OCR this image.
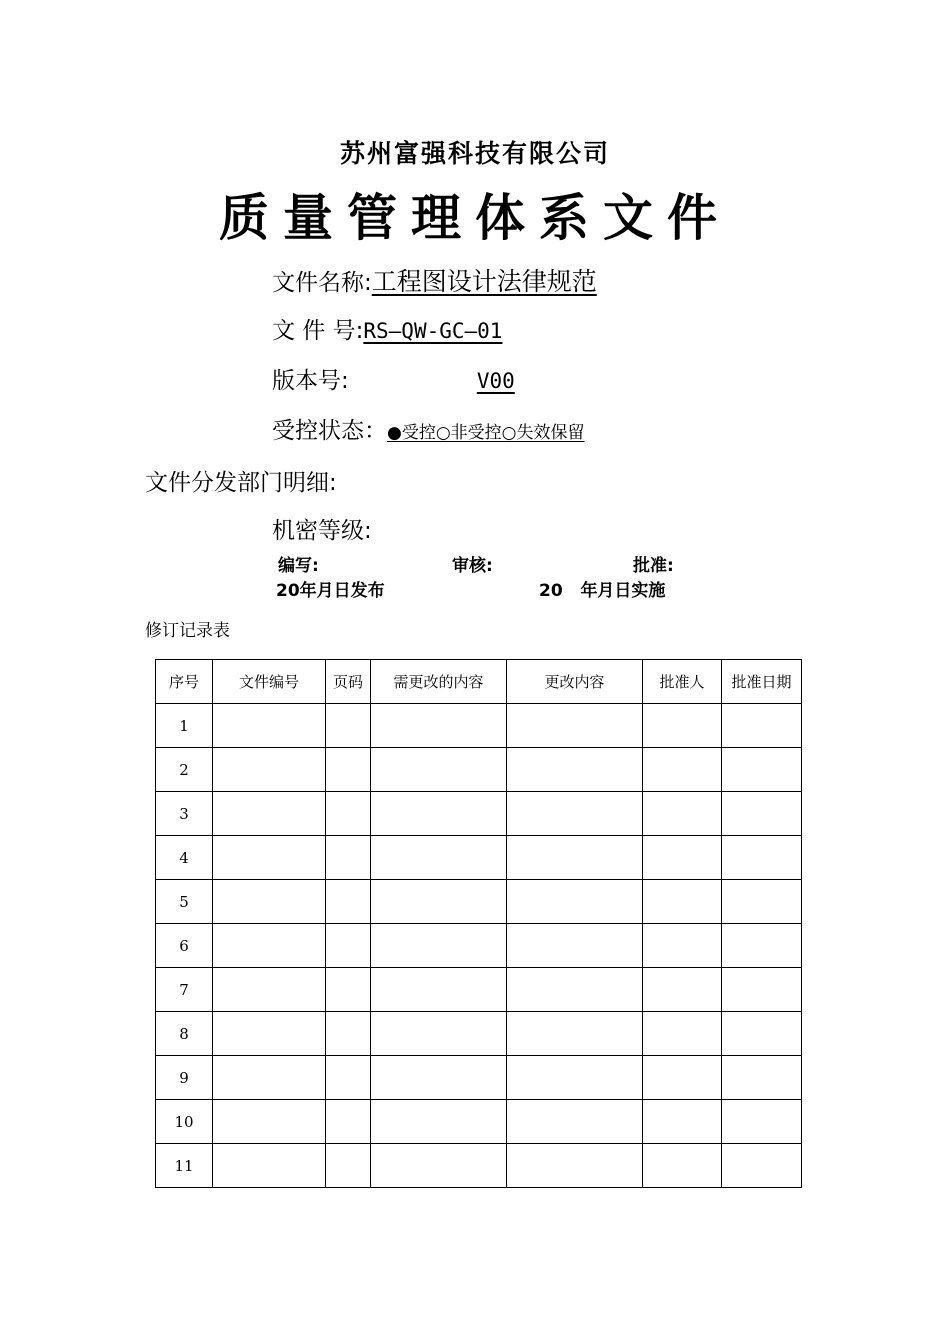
苏州富强科技有限公司
质量管理体系文件
文件名称:工程图设计法律规范
文 件 号:RS—QW-GC—01
版本号:	V00
受控状态：●受控○非受控○失效保留
文件分发部门明细:
机密等级:
编写:	审核:	批准:
20年月日发布	20 年月日实施
修订记录表
序号	文件编号	页码	需更改的内容	更改内容	批准人	批准日期
1						
2						
3						
4						
5						
6						
7						
8						
9						
10						
11						
